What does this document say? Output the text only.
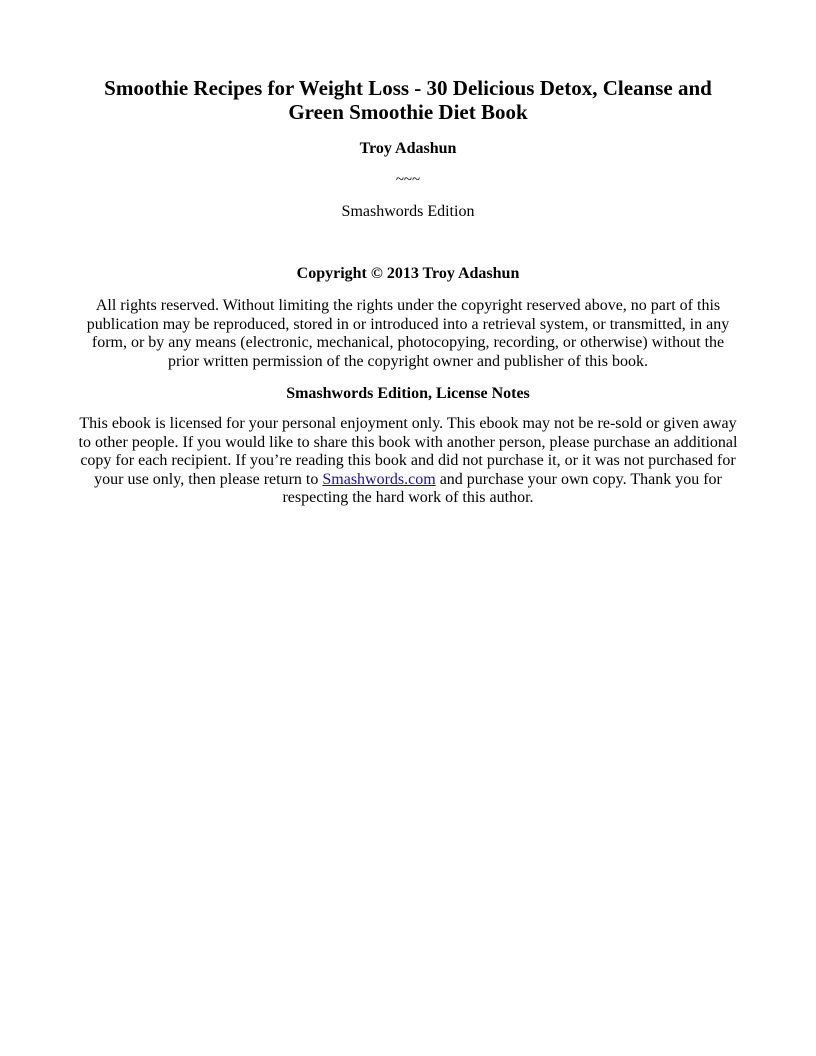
Smoothie Recipes for Weight Loss - 30 Delicious Detox, Cleanse and
Green Smoothie Diet Book

Troy Adashun

~~~

Smashwords Edition

Copyright © 2013 Troy Adashun

All rights reserved. Without limiting the rights under the copyright reserved above, no part of this
publication may be reproduced, stored in or introduced into a retrieval system, or transmitted, in any
form, or by any means (electronic, mechanical, photocopying, recording, or otherwise) without the
prior written permission of the copyright owner and publisher of this book.

Smashwords Edition, License Notes

This ebook is licensed for your personal enjoyment only. This ebook may not be re-sold or given away
to other people. If you would like to share this book with another person, please purchase an additional
copy for each recipient. If you’re reading this book and did not purchase it, or it was not purchased for
your use only, then please return to Smashwords.com and purchase your own copy. Thank you for
respecting the hard work of this author.
